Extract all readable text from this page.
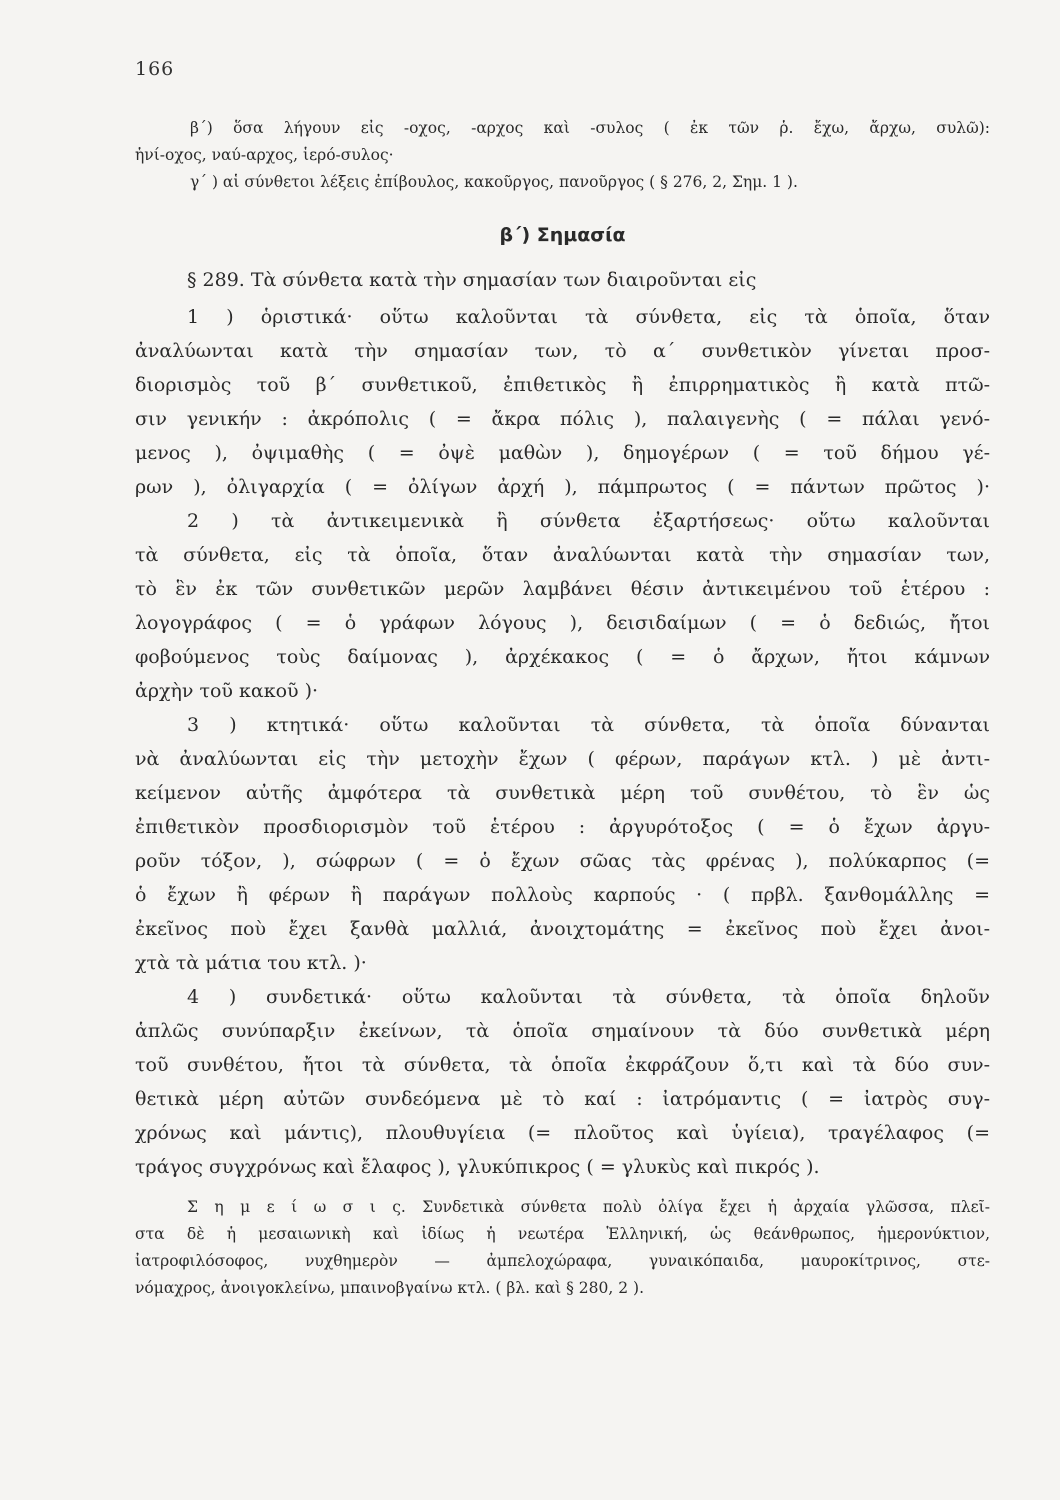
166
β΄) ὅσα λήγουν εἰς -οχος, -αρχος καὶ -συλος ( ἐκ τῶν ῥ. ἔχω, ἄρχω, συλῶ):
ἡνί-οχος, ναύ-αρχος, ἱερό-συλος·
γ΄ ) αἱ σύνθετοι λέξεις ἐπίβουλος, κακοῦργος, πανοῦργος ( § 276, 2, Σημ. 1 ).
β΄) Σημασία
§ 289. Τὰ σύνθετα κατὰ τὴν σημασίαν των διαιροῦνται εἰς
1 ) ὁριστικά· οὕτω καλοῦνται τὰ σύνθετα, εἰς τὰ ὁποῖα, ὅταν
ἀναλύωνται κατὰ τὴν σημασίαν των, τὸ α΄ συνθετικὸν γίνεται προσ-
διορισμὸς τοῦ β΄ συνθετικοῦ, ἐπιθετικὸς ἢ ἐπιρρηματικὸς ἢ κατὰ πτῶ-
σιν γενικήν : ἀκρόπολις ( = ἄκρα πόλις ), παλαιγενὴς ( = πάλαι γενό-
μενος ), ὀψιμαθὴς ( = ὀψὲ μαθὼν ), δημογέρων ( = τοῦ δήμου γέ-
ρων ), ὀλιγαρχία ( = ὀλίγων ἀρχή ), πάμπρωτος ( = πάντων πρῶτος )·
2 ) τὰ ἀντικειμενικὰ ἢ σύνθετα ἐξαρτήσεως· οὕτω καλοῦνται
τὰ σύνθετα, εἰς τὰ ὁποῖα, ὅταν ἀναλύωνται κατὰ τὴν σημασίαν των,
τὸ ἓν ἐκ τῶν συνθετικῶν μερῶν λαμβάνει θέσιν ἀντικειμένου τοῦ ἑτέρου :
λογογράφος ( = ὁ γράφων λόγους ), δεισιδαίμων ( = ὁ δεδιώς, ἤτοι
φοβούμενος τοὺς δαίμονας ), ἀρχέκακος ( = ὁ ἄρχων, ἤτοι κάμνων
ἀρχὴν τοῦ κακοῦ )·
3 ) κτητικά· οὕτω καλοῦνται τὰ σύνθετα, τὰ ὁποῖα δύνανται
νὰ ἀναλύωνται εἰς τὴν μετοχὴν ἔχων ( φέρων, παράγων κτλ. ) μὲ ἀντι-
κείμενον αὐτῆς ἀμφότερα τὰ συνθετικὰ μέρη τοῦ συνθέτου, τὸ ἓν ὡς
ἐπιθετικὸν προσδιορισμὸν τοῦ ἑτέρου : ἀργυρότοξος ( = ὁ ἔχων ἀργυ-
ροῦν τόξον, ), σώφρων ( = ὁ ἔχων σῶας τὰς φρένας ), πολύκαρπος (=
ὁ ἔχων ἢ φέρων ἢ παράγων πολλοὺς καρπούς · ( πρβλ. ξανθομάλλης =
ἐκεῖνος ποὺ ἔχει ξανθὰ μαλλιά, ἀνοιχτομάτης = ἐκεῖνος ποὺ ἔχει ἀνοι-
χτὰ τὰ μάτια του κτλ. )·
4 ) συνδετικά· οὕτω καλοῦνται τὰ σύνθετα, τὰ ὁποῖα δηλοῦν
ἁπλῶς συνύπαρξιν ἐκείνων, τὰ ὁποῖα σημαίνουν τὰ δύο συνθετικὰ μέρη
τοῦ συνθέτου, ἤτοι τὰ σύνθετα, τὰ ὁποῖα ἐκφράζουν ὅ,τι καὶ τὰ δύο συν-
θετικὰ μέρη αὐτῶν συνδεόμενα μὲ τὸ καί : ἰατρόμαντις ( = ἰατρὸς συγ-
χρόνως καὶ μάντις), πλουθυγίεια (= πλοῦτος καὶ ὑγίεια), τραγέλαφος (=
τράγος συγχρόνως καὶ ἔλαφος ), γλυκύπικρος ( = γλυκὺς καὶ πικρός ).
Σ η μ ε ί ω σ ι ς. Συνδετικὰ σύνθετα πολὺ ὀλίγα ἔχει ἡ ἀρχαία γλῶσσα, πλεῖ-
στα δὲ ἡ μεσαιωνικὴ καὶ ἰδίως ἡ νεωτέρα Ἑλληνική, ὡς θεάνθρωπος, ἡμερονύκτιον,
ἰατροφιλόσοφος, νυχθημερὸν — ἀμπελοχώραφα, γυναικόπαιδα, μαυροκίτρινος, στε-
νόμαχρος, ἀνοιγοκλείνω, μπαινοβγαίνω κτλ. ( βλ. καὶ § 280, 2 ).
